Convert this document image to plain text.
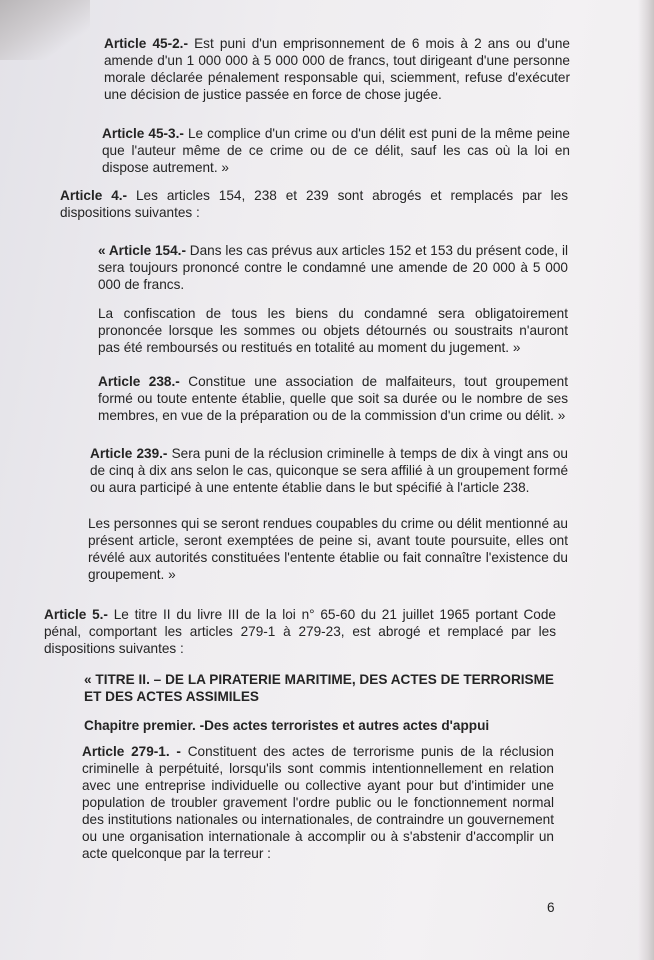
Article 45-2.- Est puni d'un emprisonnement de 6 mois à 2 ans ou d'une amende d'un 1 000 000 à 5 000 000 de francs, tout dirigeant d'une personne morale déclarée pénalement responsable qui, sciemment, refuse d'exécuter une décision de justice passée en force de chose jugée.

Article 45-3.- Le complice d'un crime ou d'un délit est puni de la même peine que l'auteur même de ce crime ou de ce délit, sauf les cas où la loi en dispose autrement. »

Article 4.- Les articles 154, 238 et 239 sont abrogés et remplacés par les dispositions suivantes :

« Article 154.- Dans les cas prévus aux articles 152 et 153 du présent code, il sera toujours prononcé contre le condamné une amende de 20 000 à 5 000 000 de francs.

La confiscation de tous les biens du condamné sera obligatoirement prononcée lorsque les sommes ou objets détournés ou soustraits n'auront pas été remboursés ou restitués en totalité au moment du jugement. »

Article 238.- Constitue une association de malfaiteurs, tout groupement formé ou toute entente établie, quelle que soit sa durée ou le nombre de ses membres, en vue de la préparation ou de la commission d'un crime ou délit. »

Article 239.- Sera puni de la réclusion criminelle à temps de dix à vingt ans ou de cinq à dix ans selon le cas, quiconque se sera affilié à un groupement formé ou aura participé à une entente établie dans le but spécifié à l'article 238.

Les personnes qui se seront rendues coupables du crime ou délit mentionné au présent article, seront exemptées de peine si, avant toute poursuite, elles ont révélé aux autorités constituées l'entente établie ou fait connaître l'existence du groupement. »

Article 5.- Le titre II du livre III de la loi n° 65-60 du 21 juillet 1965 portant Code pénal, comportant les articles 279-1 à 279-23, est abrogé et remplacé par les dispositions suivantes :

« TITRE II. – DE LA PIRATERIE MARITIME, DES ACTES DE TERRORISME ET DES ACTES ASSIMILES

Chapitre premier. -Des actes terroristes et autres actes d'appui

Article 279-1. - Constituent des actes de terrorisme punis de la réclusion criminelle à perpétuité, lorsqu'ils sont commis intentionnellement en relation avec une entreprise individuelle ou collective ayant pour but d'intimider une population de troubler gravement l'ordre public ou le fonctionnement normal des institutions nationales ou internationales, de contraindre un gouvernement ou une organisation internationale à accomplir ou à s'abstenir d'accomplir un acte quelconque par la terreur :

6
